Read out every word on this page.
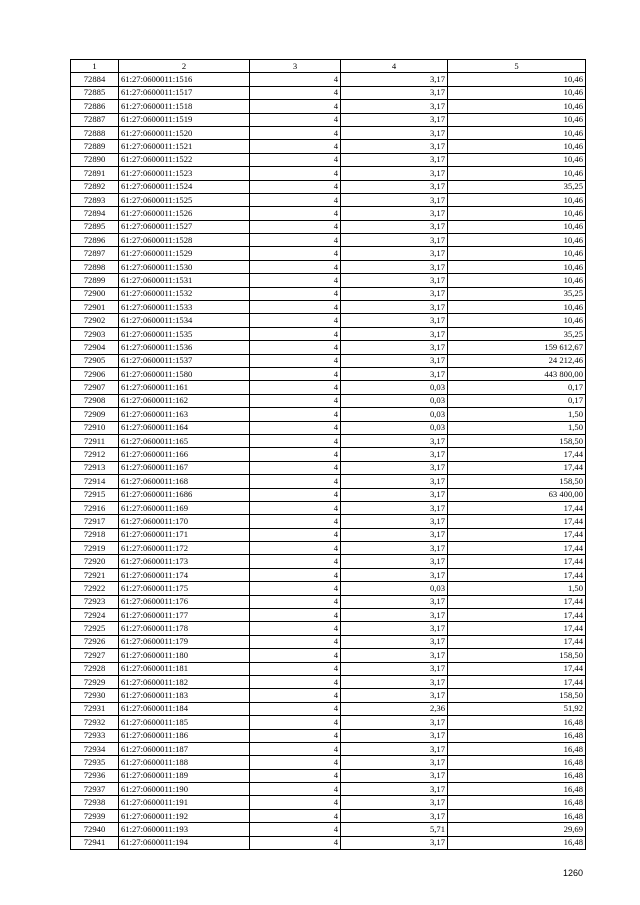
1	2	3	4	5
72884	61:27:0600011:1516	4	3,17	10,46
72885	61:27:0600011:1517	4	3,17	10,46
72886	61:27:0600011:1518	4	3,17	10,46
72887	61:27:0600011:1519	4	3,17	10,46
72888	61:27:0600011:1520	4	3,17	10,46
72889	61:27:0600011:1521	4	3,17	10,46
72890	61:27:0600011:1522	4	3,17	10,46
72891	61:27:0600011:1523	4	3,17	10,46
72892	61:27:0600011:1524	4	3,17	35,25
72893	61:27:0600011:1525	4	3,17	10,46
72894	61:27:0600011:1526	4	3,17	10,46
72895	61:27:0600011:1527	4	3,17	10,46
72896	61:27:0600011:1528	4	3,17	10,46
72897	61:27:0600011:1529	4	3,17	10,46
72898	61:27:0600011:1530	4	3,17	10,46
72899	61:27:0600011:1531	4	3,17	10,46
72900	61:27:0600011:1532	4	3,17	35,25
72901	61:27:0600011:1533	4	3,17	10,46
72902	61:27:0600011:1534	4	3,17	10,46
72903	61:27:0600011:1535	4	3,17	35,25
72904	61:27:0600011:1536	4	3,17	159 612,67
72905	61:27:0600011:1537	4	3,17	24 212,46
72906	61:27:0600011:1580	4	3,17	443 800,00
72907	61:27:0600011:161	4	0,03	0,17
72908	61:27:0600011:162	4	0,03	0,17
72909	61:27:0600011:163	4	0,03	1,50
72910	61:27:0600011:164	4	0,03	1,50
72911	61:27:0600011:165	4	3,17	158,50
72912	61:27:0600011:166	4	3,17	17,44
72913	61:27:0600011:167	4	3,17	17,44
72914	61:27:0600011:168	4	3,17	158,50
72915	61:27:0600011:1686	4	3,17	63 400,00
72916	61:27:0600011:169	4	3,17	17,44
72917	61:27:0600011:170	4	3,17	17,44
72918	61:27:0600011:171	4	3,17	17,44
72919	61:27:0600011:172	4	3,17	17,44
72920	61:27:0600011:173	4	3,17	17,44
72921	61:27:0600011:174	4	3,17	17,44
72922	61:27:0600011:175	4	0,03	1,50
72923	61:27:0600011:176	4	3,17	17,44
72924	61:27:0600011:177	4	3,17	17,44
72925	61:27:0600011:178	4	3,17	17,44
72926	61:27:0600011:179	4	3,17	17,44
72927	61:27:0600011:180	4	3,17	158,50
72928	61:27:0600011:181	4	3,17	17,44
72929	61:27:0600011:182	4	3,17	17,44
72930	61:27:0600011:183	4	3,17	158,50
72931	61:27:0600011:184	4	2,36	51,92
72932	61:27:0600011:185	4	3,17	16,48
72933	61:27:0600011:186	4	3,17	16,48
72934	61:27:0600011:187	4	3,17	16,48
72935	61:27:0600011:188	4	3,17	16,48
72936	61:27:0600011:189	4	3,17	16,48
72937	61:27:0600011:190	4	3,17	16,48
72938	61:27:0600011:191	4	3,17	16,48
72939	61:27:0600011:192	4	3,17	16,48
72940	61:27:0600011:193	4	5,71	29,69
72941	61:27:0600011:194	4	3,17	16,48
1260
